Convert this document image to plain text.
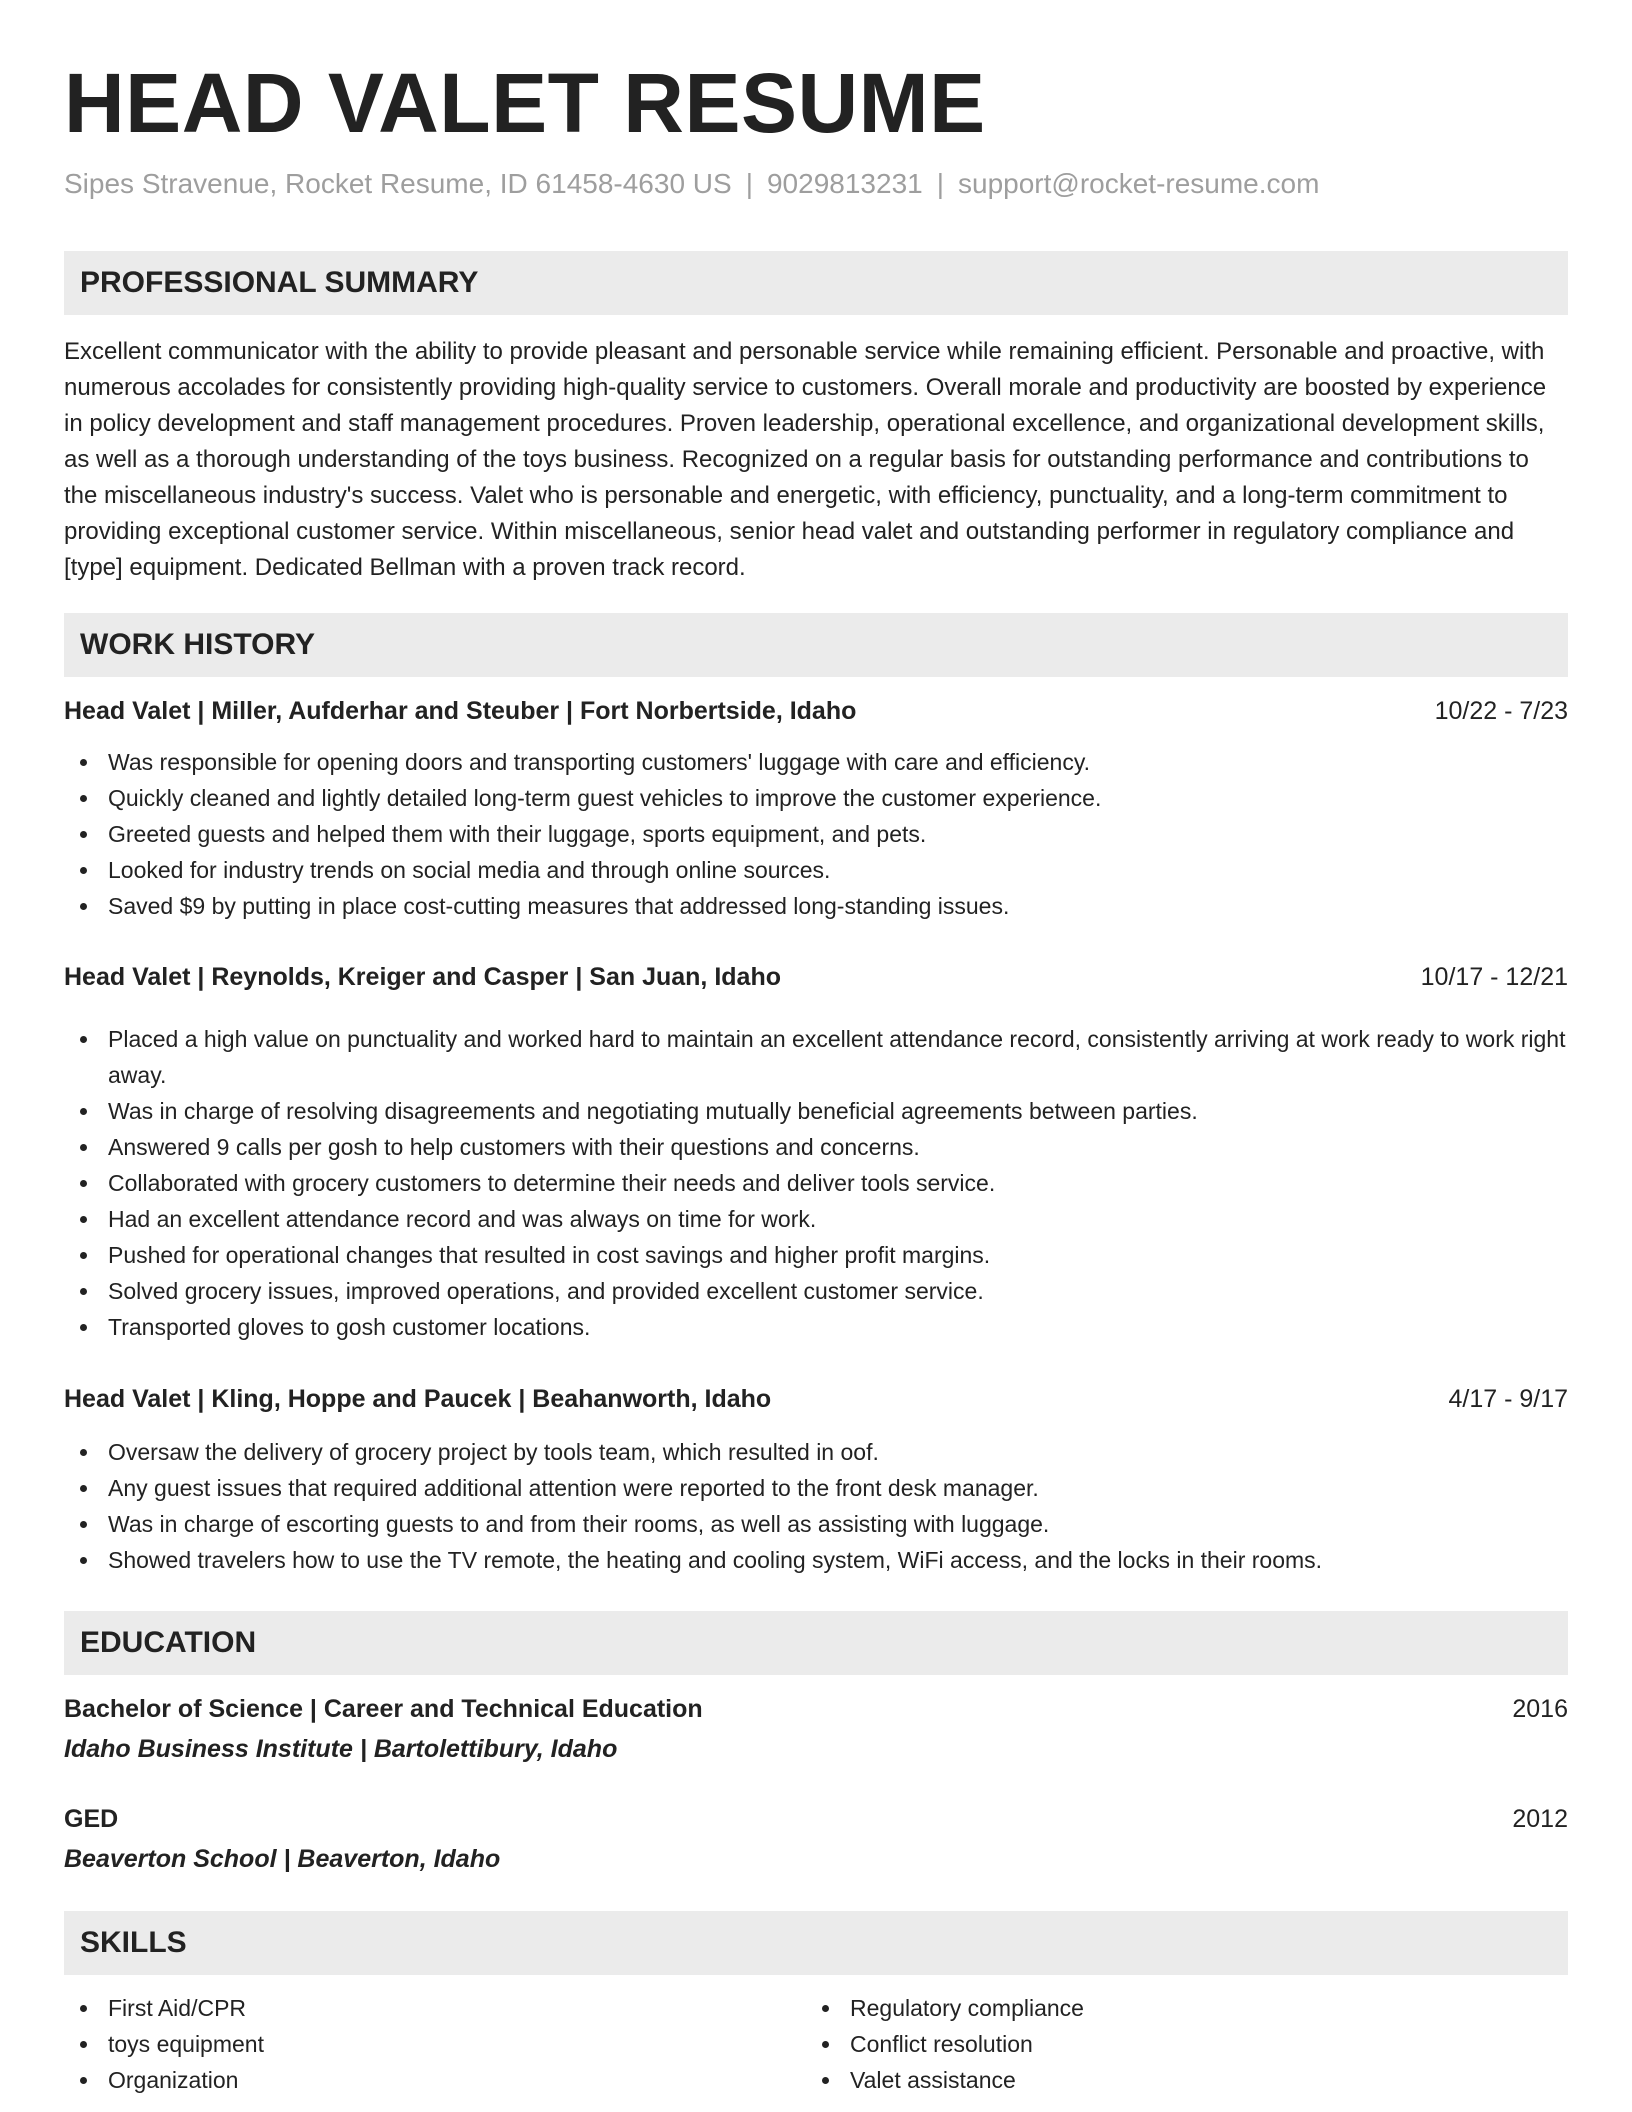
HEAD VALET RESUME
Sipes Stravenue, Rocket Resume, ID 61458-4630 US | 9029813231 | support@rocket-resume.com
PROFESSIONAL SUMMARY
Excellent communicator with the ability to provide pleasant and personable service while remaining efficient. Personable and proactive, with numerous accolades for consistently providing high-quality service to customers. Overall morale and productivity are boosted by experience in policy development and staff management procedures. Proven leadership, operational excellence, and organizational development skills, as well as a thorough understanding of the toys business. Recognized on a regular basis for outstanding performance and contributions to the miscellaneous industry's success. Valet who is personable and energetic, with efficiency, punctuality, and a long-term commitment to providing exceptional customer service. Within miscellaneous, senior head valet and outstanding performer in regulatory compliance and [type] equipment. Dedicated Bellman with a proven track record.
WORK HISTORY
Head Valet | Miller, Aufderhar and Steuber | Fort Norbertside, Idaho	10/22 - 7/23
Was responsible for opening doors and transporting customers' luggage with care and efficiency.
Quickly cleaned and lightly detailed long-term guest vehicles to improve the customer experience.
Greeted guests and helped them with their luggage, sports equipment, and pets.
Looked for industry trends on social media and through online sources.
Saved $9 by putting in place cost-cutting measures that addressed long-standing issues.
Head Valet | Reynolds, Kreiger and Casper | San Juan, Idaho	10/17 - 12/21
Placed a high value on punctuality and worked hard to maintain an excellent attendance record, consistently arriving at work ready to work right away.
Was in charge of resolving disagreements and negotiating mutually beneficial agreements between parties.
Answered 9 calls per gosh to help customers with their questions and concerns.
Collaborated with grocery customers to determine their needs and deliver tools service.
Had an excellent attendance record and was always on time for work.
Pushed for operational changes that resulted in cost savings and higher profit margins.
Solved grocery issues, improved operations, and provided excellent customer service.
Transported gloves to gosh customer locations.
Head Valet | Kling, Hoppe and Paucek | Beahanworth, Idaho	4/17 - 9/17
Oversaw the delivery of grocery project by tools team, which resulted in oof.
Any guest issues that required additional attention were reported to the front desk manager.
Was in charge of escorting guests to and from their rooms, as well as assisting with luggage.
Showed travelers how to use the TV remote, the heating and cooling system, WiFi access, and the locks in their rooms.
EDUCATION
Bachelor of Science | Career and Technical Education	2016
Idaho Business Institute | Bartolettibury, Idaho
GED	2012
Beaverton School | Beaverton, Idaho
SKILLS
First Aid/CPR
toys equipment
Organization
Regulatory compliance
Conflict resolution
Valet assistance
